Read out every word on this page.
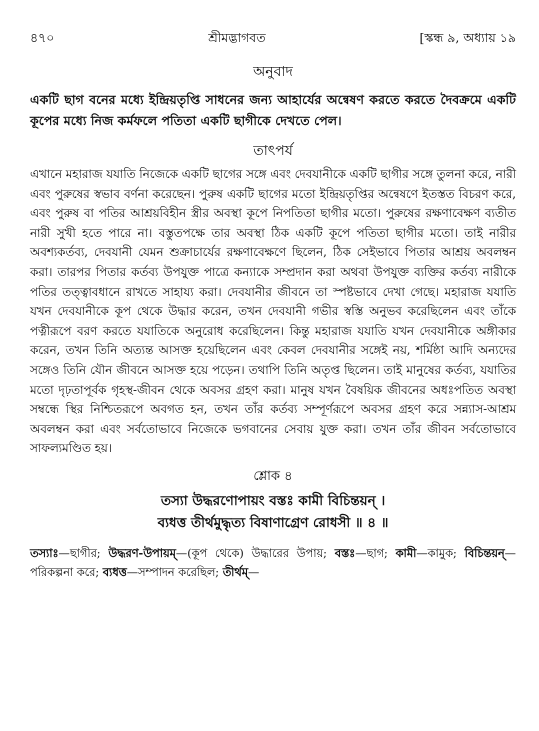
৪৭০	শ্রীমদ্ভাগবত	[স্কন্ধ ৯, অধ্যায় ১৯
অনুবাদ

একটি ছাগ বনের মধ্যে ইন্দ্রিয়তৃপ্তি সাধনের জন্য আহার্যের অন্বেষণ করতে করতে দৈবক্রমে একটি কূপের মধ্যে নিজ কর্মফলে পতিতা একটি ছাগীকে দেখতে পেল।

তাৎপর্য

এখানে মহারাজ যযাতি নিজেকে একটি ছাগের সঙ্গে এবং দেবযানীকে একটি ছাগীর সঙ্গে তুলনা করে, নারী এবং পুরুষের স্বভাব বর্ণনা করেছেন। পুরুষ একটি ছাগের মতো ইন্দ্রিয়তৃপ্তির অন্বেষণে ইতস্তত বিচরণ করে, এবং পুরুষ বা পতির আশ্রয়বিহীন স্ত্রীর অবস্থা কূপে নিপতিতা ছাগীর মতো। পুরুষের রক্ষণাবেক্ষণ ব্যতীত নারী সুখী হতে পারে না। বস্তুতপক্ষে তার অবস্থা ঠিক একটি কূপে পতিতা ছাগীর মতো। তাই নারীর অবশ্যকর্তব্য, দেবযানী যেমন শুক্রাচার্যের রক্ষণাবেক্ষণে ছিলেন, ঠিক সেইভাবে পিতার আশ্রয় অবলম্বন করা। তারপর পিতার কর্তব্য উপযুক্ত পাত্রে কন্যাকে সম্প্রদান করা অথবা উপযুক্ত ব্যক্তির কর্তব্য নারীকে পতির তত্ত্বাবধানে রাখতে সাহায্য করা। দেবযানীর জীবনে তা স্পষ্টভাবে দেখা গেছে। মহারাজ যযাতি যখন দেবযানীকে কূপ থেকে উদ্ধার করেন, তখন দেবযানী গভীর স্বস্তি অনুভব করেছিলেন এবং তাঁকে পত্নীরূপে বরণ করতে যযাতিকে অনুরোধ করেছিলেন। কিন্তু মহারাজ যযাতি যখন দেবযানীকে অঙ্গীকার করেন, তখন তিনি অত্যন্ত আসক্ত হয়েছিলেন এবং কেবল দেবযানীর সঙ্গেই নয়, শর্মিষ্ঠা আদি অন্যদের সঙ্গেও তিনি যৌন জীবনে আসক্ত হয়ে পড়েন। তথাপি তিনি অতৃপ্ত ছিলেন। তাই মানুষের কর্তব্য, যযাতির মতো দৃঢ়তাপূর্বক গৃহস্থ-জীবন থেকে অবসর গ্রহণ করা। মানুষ যখন বৈষয়িক জীবনের অধঃপতিত অবস্থা সম্বন্ধে স্থির নিশ্চিতরূপে অবগত হন, তখন তাঁর কর্তব্য সম্পূর্ণরূপে অবসর গ্রহণ করে সন্ন্যাস-আশ্রম অবলম্বন করা এবং সর্বতোভাবে নিজেকে ভগবানের সেবায় যুক্ত করা। তখন তাঁর জীবন সর্বতোভাবে সাফল্যমণ্ডিত হয়।

শ্লোক ৪
তস্যা উদ্ধরণোপায়ং বস্তঃ কামী বিচিন্তয়ন্ ।
ব্যধত্ত তীর্থমুদ্ধৃত্য বিষাণাগ্রেণ রোধসী ॥ ৪ ॥

তস্যাঃ—ছাগীর; উদ্ধরণ-উপায়ম্—(কূপ থেকে) উদ্ধারের উপায়; বস্তঃ—ছাগ; কামী—কামুক; বিচিন্তয়ন্—পরিকল্পনা করে; ব্যধত্ত—সম্পাদন করেছিল; তীর্থম্—
